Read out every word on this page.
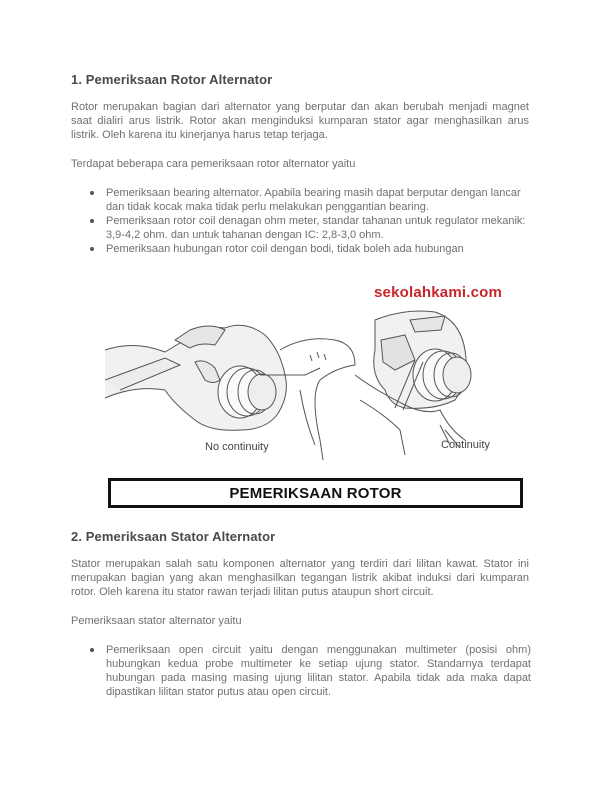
1. Pemeriksaan Rotor Alternator

Rotor merupakan bagian dari alternator yang berputar dan akan berubah menjadi magnet saat dialiri arus listrik. Rotor akan menginduksi kumparan stator agar menghasilkan arus listrik. Oleh karena itu kinerjanya harus tetap terjaga.

Terdapat beberapa cara pemeriksaan rotor alternator yaitu

Pemeriksaan bearing alternator. Apabila bearing masih dapat berputar dengan lancar dan tidak kocak maka tidak perlu melakukan penggantian bearing.
Pemeriksaan rotor coil denagan ohm meter, standar tahanan untuk regulator mekanik: 3,9-4,2 ohm. dan untuk tahanan dengan IC: 2,8-3,0 ohm.
Pemeriksaan hubungan rotor coil dengan bodi, tidak boleh ada hubungan
sekolahkami.com
No continuity	Continuity
PEMERIKSAAN ROTOR
2. Pemeriksaan Stator Alternator

Stator merupakan salah satu komponen alternator yang terdiri dari lilitan kawat. Stator ini merupakan bagian yang akan menghasilkan tegangan listrik akibat induksi dari kumparan rotor. Oleh karena itu stator rawan terjadi lilitan putus ataupun short circuit.

Pemeriksaan stator alternator yaitu

Pemeriksaan open circuit yaitu dengan menggunakan multimeter (posisi ohm) hubungkan kedua probe multimeter ke setiap ujung stator. Standarnya terdapat hubungan pada masing masing ujung lilitan stator. Apabila tidak ada maka dapat dipastikan lilitan stator putus atau open circuit.
